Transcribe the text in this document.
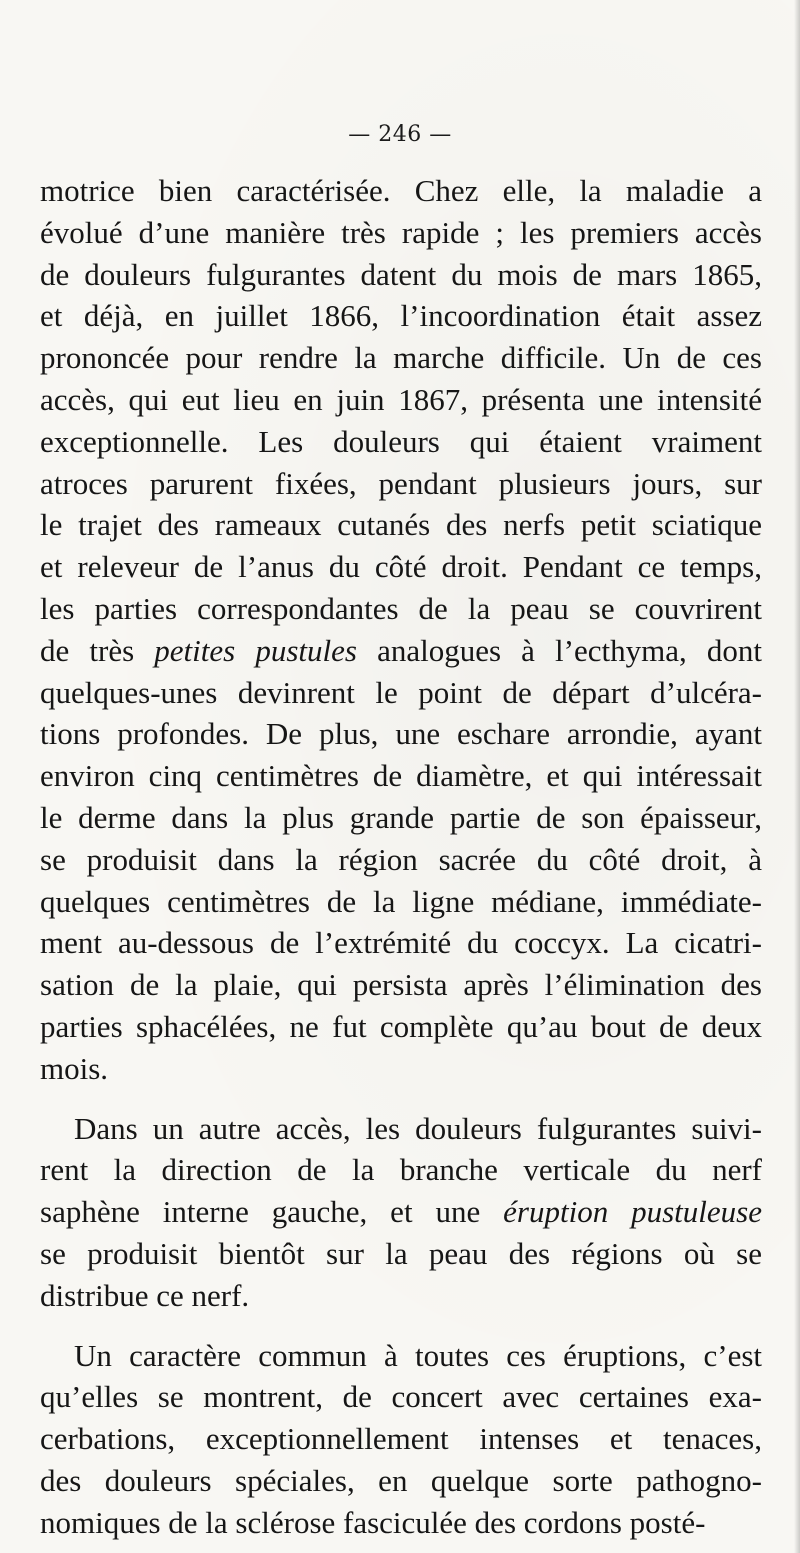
— 246 —
motrice bien caractérisée. Chez elle, la maladie a
évolué d’une manière très rapide ; les premiers accès
de douleurs fulgurantes datent du mois de mars 1865,
et déjà, en juillet 1866, l’incoordination était assez
prononcée pour rendre la marche difficile. Un de ces
accès, qui eut lieu en juin 1867, présenta une intensité
exceptionnelle. Les douleurs qui étaient vraiment
atroces parurent fixées, pendant plusieurs jours, sur
le trajet des rameaux cutanés des nerfs petit sciatique
et releveur de l’anus du côté droit. Pendant ce temps,
les parties correspondantes de la peau se couvrirent
de très petites pustules analogues à l’ecthyma, dont
quelques-unes devinrent le point de départ d’ulcéra-
tions profondes. De plus, une eschare arrondie, ayant
environ cinq centimètres de diamètre, et qui intéressait
le derme dans la plus grande partie de son épaisseur,
se produisit dans la région sacrée du côté droit, à
quelques centimètres de la ligne médiane, immédiate-
ment au-dessous de l’extrémité du coccyx. La cicatri-
sation de la plaie, qui persista après l’élimination des
parties sphacélées, ne fut complète qu’au bout de deux
mois.
Dans un autre accès, les douleurs fulgurantes suivi-
rent la direction de la branche verticale du nerf
saphène interne gauche, et une éruption pustuleuse
se produisit bientôt sur la peau des régions où se
distribue ce nerf.
Un caractère commun à toutes ces éruptions, c’est
qu’elles se montrent, de concert avec certaines exa-
cerbations, exceptionnellement intenses et tenaces,
des douleurs spéciales, en quelque sorte pathogno-
nomiques de la sclérose fasciculée des cordons posté-
